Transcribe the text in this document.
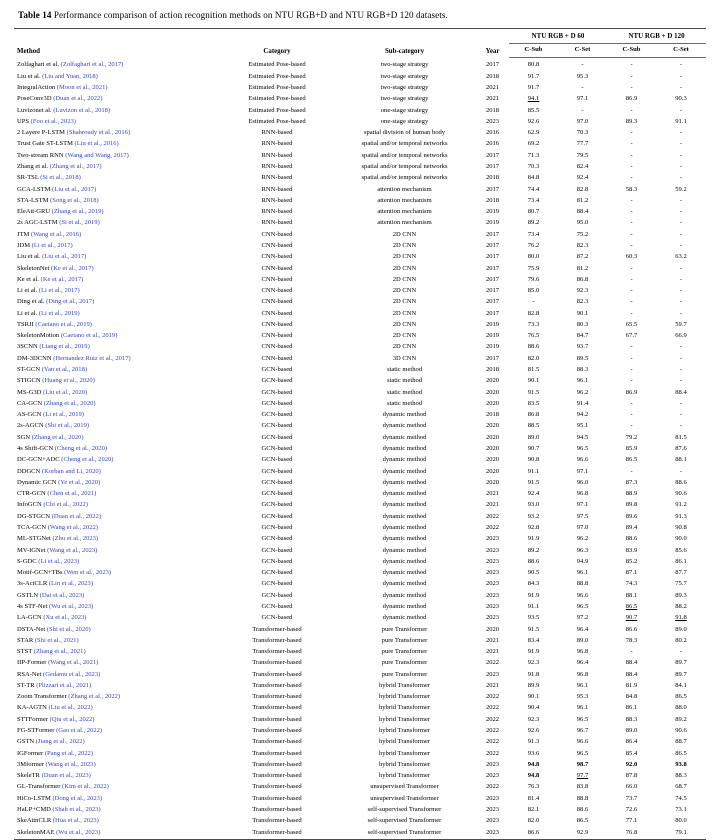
Table 14 Performance comparison of action recognition methods on NTU RGB+D and NTU RGB+D 120 datasets.
Method	Category	Sub-category	Year	NTU RGB + D 60		NTU RGB + D 120	
				C-Sub	C-Set	C-Sub	C-Set
Zolfaghari et al. (Zolfaghari et al., 2017)	Estimated Pose-based	two-stage strategy	2017	80.8	-	-	-
Liu et al. (Liu and Yuan, 2018)	Estimated Pose-based	two-stage strategy	2018	91.7	95.3	-	-
IntegralAction (Moon et al., 2021)	Estimated Pose-based	two-stage strategy	2021	91.7	-	-	-
PoseConv3D (Duan et al., 2022)	Estimated Pose-based	two-stage strategy	2021	94.1	97.1	86.9	90.3
Luvizonet al. (Luvizon et al., 2018)	Estimated Pose-based	one-stage strategy	2018	85.5	-	-	-
UPS (Foo et al., 2023)	Estimated Pose-based	one-stage strategy	2023	92.6	97.0	89.3	91.1
2 Layere P-LSTM (Shahroudy et al., 2016)	RNN-based	spatial division of human body	2016	62.9	70.3	-	-
Trust Gate ST-LSTM (Liu et al., 2016)	RNN-based	spatial and/or temporal networks	2016	69.2	77.7	-	-
Two-stream RNN (Wang and Wang, 2017)	RNN-based	spatial and/or temporal networks	2017	71.3	79.5	-	-
Zhang et al. (Zhang et al., 2017)	RNN-based	spatial and/or temporal networks	2017	70.3	82.4	-	-
SR-TSL (Si et al., 2018)	RNN-based	spatial and/or temporal networks	2018	84.8	92.4	-	-
GCA-LSTM (Liu et al., 2017)	RNN-based	attention mechanism	2017	74.4	82.8	58.3	59.2
STA-LSTM (Song et al., 2018)	RNN-based	attention mechanism	2018	73.4	81.2	-	-
EleAtt-GRU (Zhang et al., 2019)	RNN-based	attention mechanism	2019	80.7	88.4	-	-
2s AGC-LSTM (Si et al., 2019)	RNN-based	attention mechanism	2019	89.2	95.0	-	-
JTM (Wang et al., 2016)	CNN-based	2D CNN	2017	73.4	75.2	-	-
JDM (Li et al., 2017)	CNN-based	2D CNN	2017	76.2	82.3	-	-
Liu et al. (Liu et al., 2017)	CNN-based	2D CNN	2017	80.0	87.2	60.3	63.2
SkeletonNet (Ke et al., 2017)	CNN-based	2D CNN	2017	75.9	81.2	-	-
Ke et al. (Ke et al., 2017)	CNN-based	2D CNN	2017	79.6	86.8	-	-
Li et al. (Li et al., 2017)	CNN-based	2D CNN	2017	85.0	92.3	-	-
Ding et al. (Ding et al., 2017)	CNN-based	2D CNN	2017	-	82.3	-	-
Li et al. (Li et al., 2019)	CNN-based	2D CNN	2017	82.8	90.1	-	-
TSRJI (Caetano et al., 2019)	CNN-based	2D CNN	2019	73.3	80.3	65.5	59.7
SkeletonMotion (Caetano et al., 2019)	CNN-based	2D CNN	2019	76.5	84.7	67.7	66.9
3SCNN (Liang et al., 2019)	CNN-based	2D CNN	2019	88.6	93.7	-	-
DM-3DCNN (Hernandez Ruiz et al., 2017)	CNN-based	3D CNN	2017	82.0	89.5	-	-
ST-GCN (Yan et al., 2018)	GCN-based	static method	2018	81.5	88.3	-	-
STIGCN (Huang et al., 2020)	GCN-based	static method	2020	90.1	96.1	-	-
MS-G3D (Liu et al., 2020)	GCN-based	static method	2020	91.5	96.2	86.9	88.4
CA-GCN (Zhang et al., 2020)	GCN-based	static method	2020	83.5	91.4	-	-
AS-GCN (Li et al., 2019)	GCN-based	dynamic method	2018	86.8	94.2	-	-
2s-AGCN (Shi et al., 2019)	GCN-based	dynamic method	2020	88.5	95.1	-	-
SGN (Zhang et al., 2020)	GCN-based	dynamic method	2020	89.0	94.5	79.2	81.5
4s Shift-GCN (Cheng et al., 2020)	GCN-based	dynamic method	2020	90.7	96.5	85.9	87.6
DC-GCN+ADC (Cheng et al., 2020)	GCN-based	dynamic method	2020	90.8	96.6	86.5	88.1
DDGCN (Korban and Li, 2020)	GCN-based	dynamic method	2020	91.1	97.1	-	-
Dynamic GCN (Ye et al., 2020)	GCN-based	dynamic method	2020	91.5	96.0	87.3	88.6
CTR-GCN (Chen et al., 2021)	GCN-based	dynamic method	2021	92.4	96.8	88.9	90.6
InfoGCN (Chi et al., 2022)	GCN-based	dynamic method	2021	93.0	97.1	89.8	91.2
DG-STGCN (Duan et al., 2022)	GCN-based	dynamic method	2022	93.2	97.5	89.6	91.3
TCA-GCN (Wang et al., 2022)	GCN-based	dynamic method	2022	92.8	97.0	89.4	90.8
ML-STGNet (Zhu et al., 2023)	GCN-based	dynamic method	2023	91.9	96.2	88.6	90.0
MV-IGNet (Wang et al., 2023)	GCN-based	dynamic method	2023	89.2	96.3	83.9	85.6
S-GDC (Li et al., 2023)	GCN-based	dynamic method	2023	88.6	94.9	85.2	86.1
Motif-GCN+TBs (Wen et al., 2023)	GCN-based	dynamic method	2023	90.5	96.1	87.1	87.7
3s-ActCLR (Lin et al., 2023)	GCN-based	dynamic method	2023	84.3	88.8	74.3	75.7
GSTLN (Dai et al., 2023)	GCN-based	dynamic method	2023	91.9	96.6	88.1	89.3
4s STF-Net (Wu et al., 2023)	GCN-based	dynamic method	2023	91.1	96.5	86.5	88.2
LA-GCN (Xu et al., 2023)	GCN-based	dynamic method	2023	93.5	97.2	90.7	91.8
DSTA-Net (Shi et al., 2020)	Transformer-based	pure Transformer	2020	91.5	96.4	86.6	89.0
STAR (Shi et al., 2021)	Transformer-based	pure Transformer	2021	83.4	89.0	78.3	80.2
STST (Zhang et al., 2021)	Transformer-based	pure Transformer	2021	91.9	96.8	-	-
IIP-Former (Wang et al., 2021)	Transformer-based	pure Transformer	2022	92.3	96.4	88.4	89.7
RSA-Net (Gedamu et al., 2023)	Transformer-based	pure Transformer	2023	91.8	96.8	88.4	89.7
ST-TR (Plizzari et al., 2021)	Transformer-based	hybrid Transformer	2021	89.9	96.1	81.9	84.1
Zoom Transformer (Zhang et al., 2022)	Transformer-based	hybrid Transformer	2022	90.1	95.3	84.8	86.5
KA-AGTN (Liu et al., 2022)	Transformer-based	hybrid Transformer	2022	90.4	96.1	86.1	88.0
STTFormer (Qiu et al., 2022)	Transformer-based	hybrid Transformer	2022	92.3	96.5	88.3	89.2
FG-STFormer (Gao et al., 2022)	Transformer-based	hybrid Transformer	2022	92.6	96.7	89.0	90.6
GSTN (Jiang et al., 2022)	Transformer-based	hybrid Transformer	2022	91.3	96.6	86.4	88.7
IGFormer (Pang et al., 2022)	Transformer-based	hybrid Transformer	2022	93.6	96.5	85.4	86.5
3Mformer (Wang et al., 2023)	Transformer-based	hybrid Transformer	2023	94.8	98.7	92.0	93.8
SkeleTR (Duan et al., 2023)	Transformer-based	hybrid Transformer	2023	94.8	97.7	87.8	88.3
GL-Transformer (Kim et al., 2022)	Transformer-based	unsupervised Transformer	2022	76.3	83.8	66.0	68.7
HiCo-LSTM (Dong et al., 2023)	Transformer-based	unsupervised Transformer	2023	81.4	88.8	73.7	74.5
HaLP+CMD (Shah et al., 2023)	Transformer-based	self-supervised Transformer	2023	82.1	88.6	72.6	73.1
SkeAttnCLR (Hua et al., 2023)	Transformer-based	self-supervised Transformer	2023	82.0	86.5	77.1	80.0
SkeletonMAE (Wu et al., 2023)	Transformer-based	self-supervised Transformer	2023	86.6	92.9	76.8	79.1
